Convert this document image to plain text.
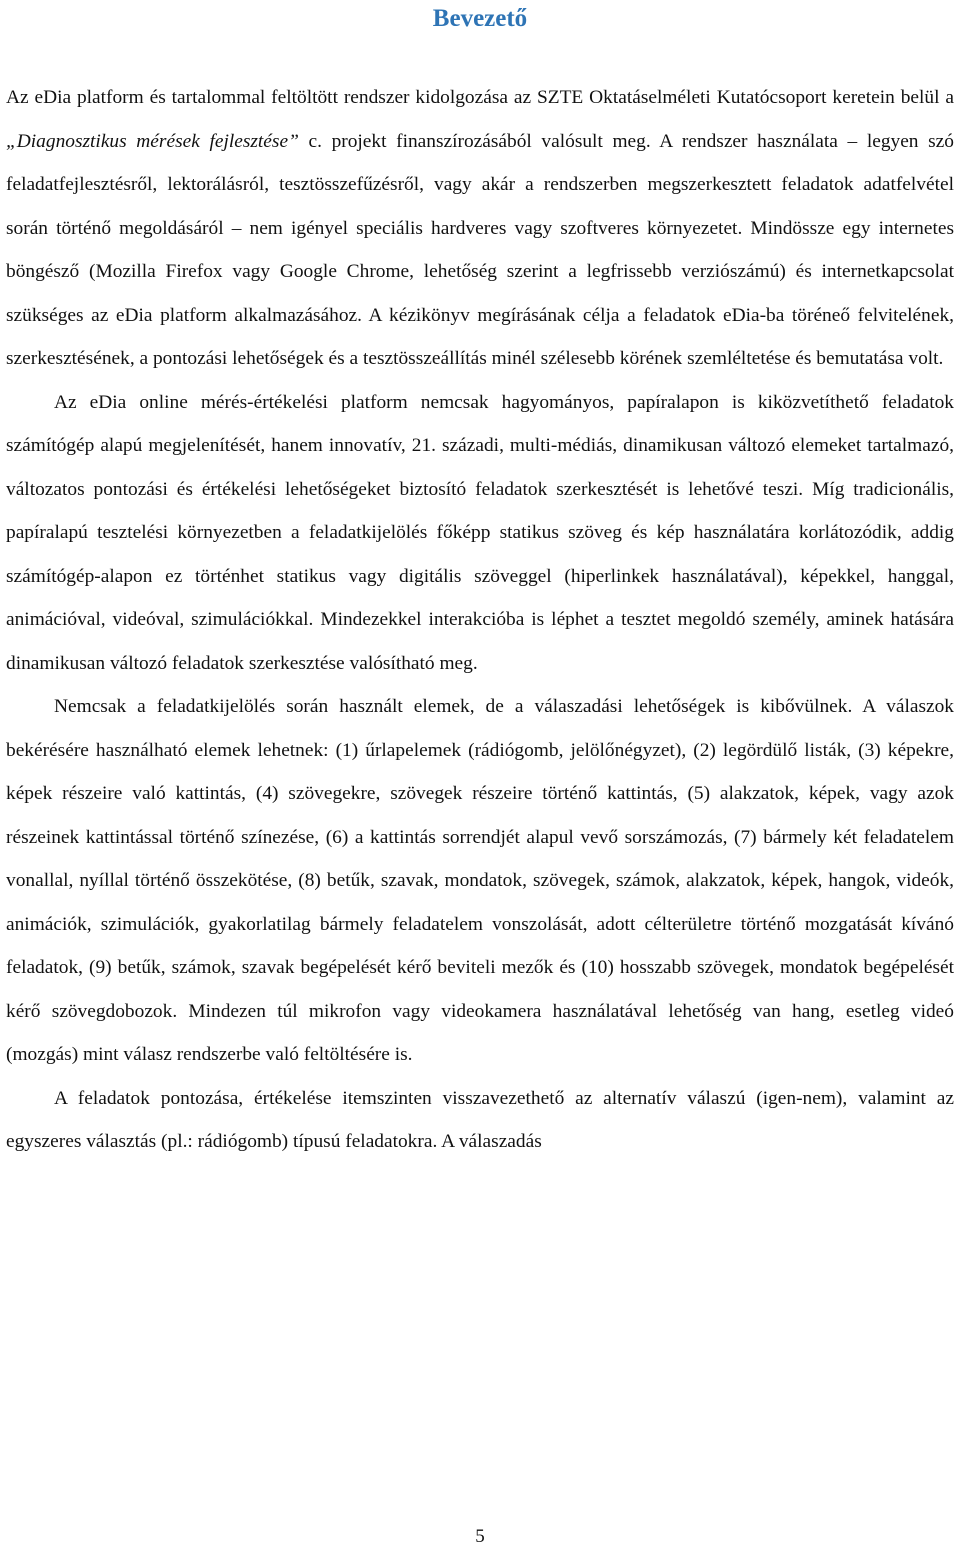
Bevezető

Az eDia platform és tartalommal feltöltött rendszer kidolgozása az SZTE Oktatáselméleti Kutatócsoport keretein belül a „Diagnosztikus mérések fejlesztése” c. projekt finanszírozásából valósult meg. A rendszer használata – legyen szó feladatfejlesztésről, lektorálásról, tesztösszefűzésről, vagy akár a rendszerben megszerkesztett feladatok adatfelvétel során történő megoldásáról – nem igényel speciális hardveres vagy szoftveres környezetet. Mindössze egy internetes böngésző (Mozilla Firefox vagy Google Chrome, lehetőség szerint a legfrissebb verziószámú) és internetkapcsolat szükséges az eDia platform alkalmazásához. A kézikönyv megírásának célja a feladatok eDia-ba töréneő felvitelének, szerkesztésének, a pontozási lehetőségek és a tesztösszeállítás minél szélesebb körének szemléltetése és bemutatása volt.

Az eDia online mérés-értékelési platform nemcsak hagyományos, papíralapon is kiközvetíthető feladatok számítógép alapú megjelenítését, hanem innovatív, 21. századi, multi-médiás, dinamikusan változó elemeket tartalmazó, változatos pontozási és értékelési lehetőségeket biztosító feladatok szerkesztését is lehetővé teszi. Míg tradicionális, papíralapú tesztelési környezetben a feladatkijelölés főképp statikus szöveg és kép használatára korlátozódik, addig számítógép-alapon ez történhet statikus vagy digitális szöveggel (hiperlinkek használatával), képekkel, hanggal, animációval, videóval, szimulációkkal. Mindezekkel interakcióba is léphet a tesztet megoldó személy, aminek hatására dinamikusan változó feladatok szerkesztése valósítható meg.

Nemcsak a feladatkijelölés során használt elemek, de a válaszadási lehetőségek is kibővülnek. A válaszok bekérésére használható elemek lehetnek: (1) űrlapelemek (rádiógomb, jelölőnégyzet), (2) legördülő listák, (3) képekre, képek részeire való kattintás, (4) szövegekre, szövegek részeire történő kattintás, (5) alakzatok, képek, vagy azok részeinek kattintással történő színezése, (6) a kattintás sorrendjét alapul vevő sorszámozás, (7) bármely két feladatelem vonallal, nyíllal történő összekötése, (8) betűk, szavak, mondatok, szövegek, számok, alakzatok, képek, hangok, videók, animációk, szimulációk, gyakorlatilag bármely feladatelem vonszolását, adott célterületre történő mozgatását kívánó feladatok, (9) betűk, számok, szavak begépelését kérő beviteli mezők és (10) hosszabb szövegek, mondatok begépelését kérő szövegdobozok. Mindezen túl mikrofon vagy videokamera használatával lehetőség van hang, esetleg videó (mozgás) mint válasz rendszerbe való feltöltésére is.

A feladatok pontozása, értékelése itemszinten visszavezethető az alternatív válaszú (igen-nem), valamint az egyszeres választás (pl.: rádiógomb) típusú feladatokra. A válaszadás

5
